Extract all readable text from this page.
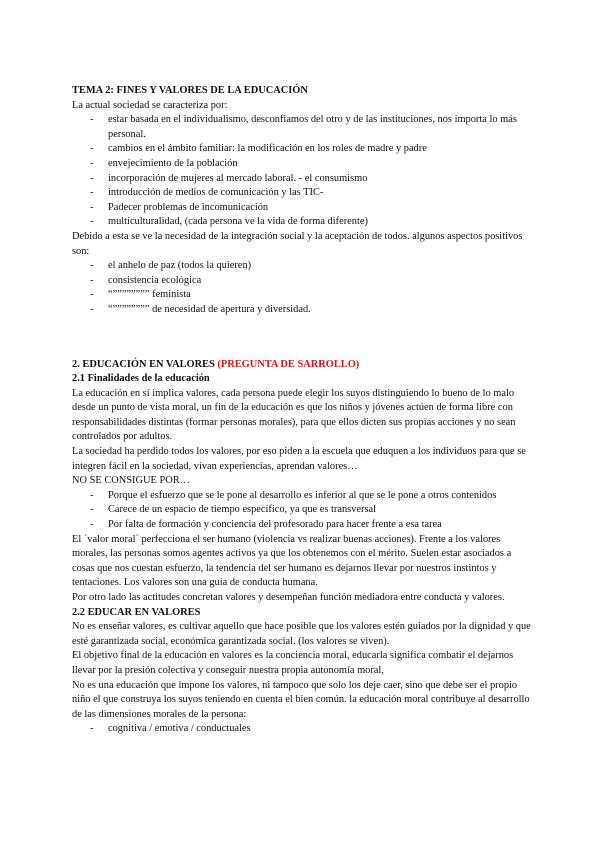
TEMA 2: FINES Y VALORES DE LA EDUCACIÓN

La actual sociedad se caracteriza por:

- estar basada en el individualismo, desconfiamos del otro y de las instituciones, nos importa lo más personal.
- cambios en el ámbito familiar: la modificación en los roles de madre y padre
- envejecimiento de la población
- incorporación de mujeres al mercado laboral. - el consumismo
- introducción de medios de comunicación y las TIC-
- Padecer problemas de incomunicación
- multiculturalidad, (cada persona ve la vida de forma diferente)

Debido a esta se ve la necesidad de la integración social y la aceptación de todos. algunos aspectos positivos son:

- el anhelo de paz (todos la quieren)
- consistencia ecológica
- “”””””””” feminista
- “”””””””” de necesidad de apertura y diversidad.

2. EDUCACIÓN EN VALORES (PREGUNTA DE SARROLLO)

2.1 Finalidades de la educación

La educación en sí implica valores, cada persona puede elegir los suyos distinguiendo lo bueno de lo malo desde un punto de vista moral, un fin de la educación es que los niños y jóvenes actúen de forma libre con responsabilidades distintas (formar personas morales), para que ellos dicten sus propias acciones y no sean controlados por adultos.

La sociedad ha perdido todos los valores, por eso piden a la escuela que eduquen a los individuos para que se integren fácil en la sociedad, vivan experiencias, aprendan valores…

NO SE CONSIGUE POR…

- Porque el esfuerzo que se le pone al desarrollo es inferior al que se le pone a otros contenidos
- Carece de un espacio de tiempo específico, ya que es transversal
- Por falta de formación y conciencia del profesorado para hacer frente a esa tarea

El ´valor moral´ perfecciona el ser humano (violencia vs realizar buenas acciones). Frente a los valores morales, las personas somos agentes activos ya que los obtenemos con el mérito. Suelen estar asociados a cosas que nos cuestan esfuerzo, la tendencia del ser humano es dejarnos llevar por nuestros instintos y tentaciones. Los valores son una guía de conducta humana.

Por otro lado las actitudes concretan valores y desempeñan función mediadora entre conducta y valores.

2.2 EDUCAR EN VALORES

No es enseñar valores, es cultivar aquello que hace posible que los valores estén guiados por la dignidad y que esté garantizada social, económica garantizada social. (los valores se viven).

El objetivo final de la educación en valores es la conciencia moral, educarla significa combatir el dejarnos llevar por la presión colectiva y conseguir nuestra propia autonomía moral,

No es una educación que impone los valores, ni tampoco que solo los deje caer, sino que debe ser el propio niño el que construya los suyos teniendo en cuenta el bien común. la educación moral contribuye al desarrollo de las dimensiones morales de la persona:

- cognitiva / emotiva / conductuales
